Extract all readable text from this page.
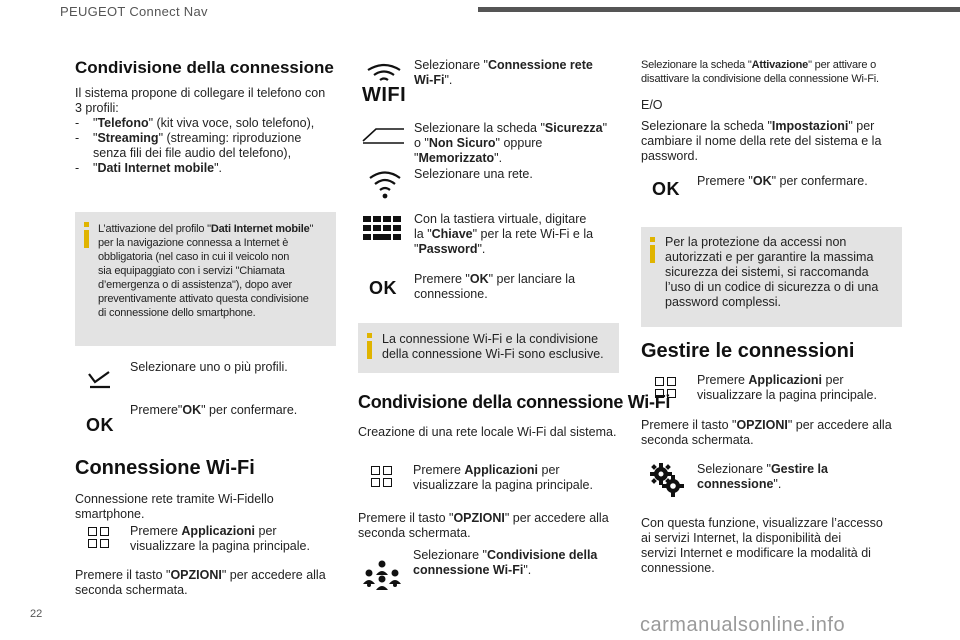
PEUGEOT Connect Nav
22	carmanualsonline.info
Condivisione della connessione
Il sistema propone di collegare il telefono con
3 profili:
- "Telefono" (kit viva voce, solo telefono),
- "Streaming" (streaming: riproduzione
senza fili dei file audio del telefono),
- "Dati Internet mobile".
L’attivazione del profilo "Dati Internet mobile"
per la navigazione connessa a Internet è
obbligatoria (nel caso in cui il veicolo non
sia equipaggiato con i servizi "Chiamata
d’emergenza o di assistenza"), dopo aver
preventivamente attivato questa condivisione
di connessione dello smartphone.
Selezionare uno o più profili.
OK
Premere"OK" per confermare.
Connessione Wi-Fi
Connessione rete tramite Wi-Fidello
smartphone.
Premere Applicazioni per
visualizzare la pagina principale.
Premere il tasto "OPZIONI" per accedere alla
seconda schermata.
WIFI
Selezionare "Connessione rete
Wi-Fi".
Selezionare la scheda "Sicurezza"
o "Non Sicuro" oppure
"Memorizzato".
Selezionare una rete.
Con la tastiera virtuale, digitare
la "Chiave" per la rete Wi-Fi e la
"Password".
OK Premere "OK" per lanciare la
connessione.
La connessione Wi-Fi e la condivisione
della connessione Wi-Fi sono esclusive.
Condivisione della connessione Wi-Fi
Creazione di una rete locale Wi-Fi dal sistema.
Premere Applicazioni per
visualizzare la pagina principale.
Premere il tasto "OPZIONI" per accedere alla
seconda schermata.
Selezionare "Condivisione della
connessione Wi-Fi".
Selezionare la scheda "Attivazione" per attivare o
disattivare la condivisione della connessione Wi-Fi.
E/O
Selezionare la scheda "Impostazioni" per
cambiare il nome della rete del sistema e la
password.
OK Premere "OK" per confermare.
Per la protezione da accessi non
autorizzati e per garantire la massima
sicurezza dei sistemi, si raccomanda
l’uso di un codice di sicurezza o di una
password complessi.
Gestire le connessioni
Premere Applicazioni per
visualizzare la pagina principale.
Premere il tasto "OPZIONI" per accedere alla
seconda schermata.
Selezionare "Gestire la
connessione".
Con questa funzione, visualizzare l’accesso
ai servizi Internet, la disponibilità dei
servizi Internet e modificare la modalità di
connessione.
